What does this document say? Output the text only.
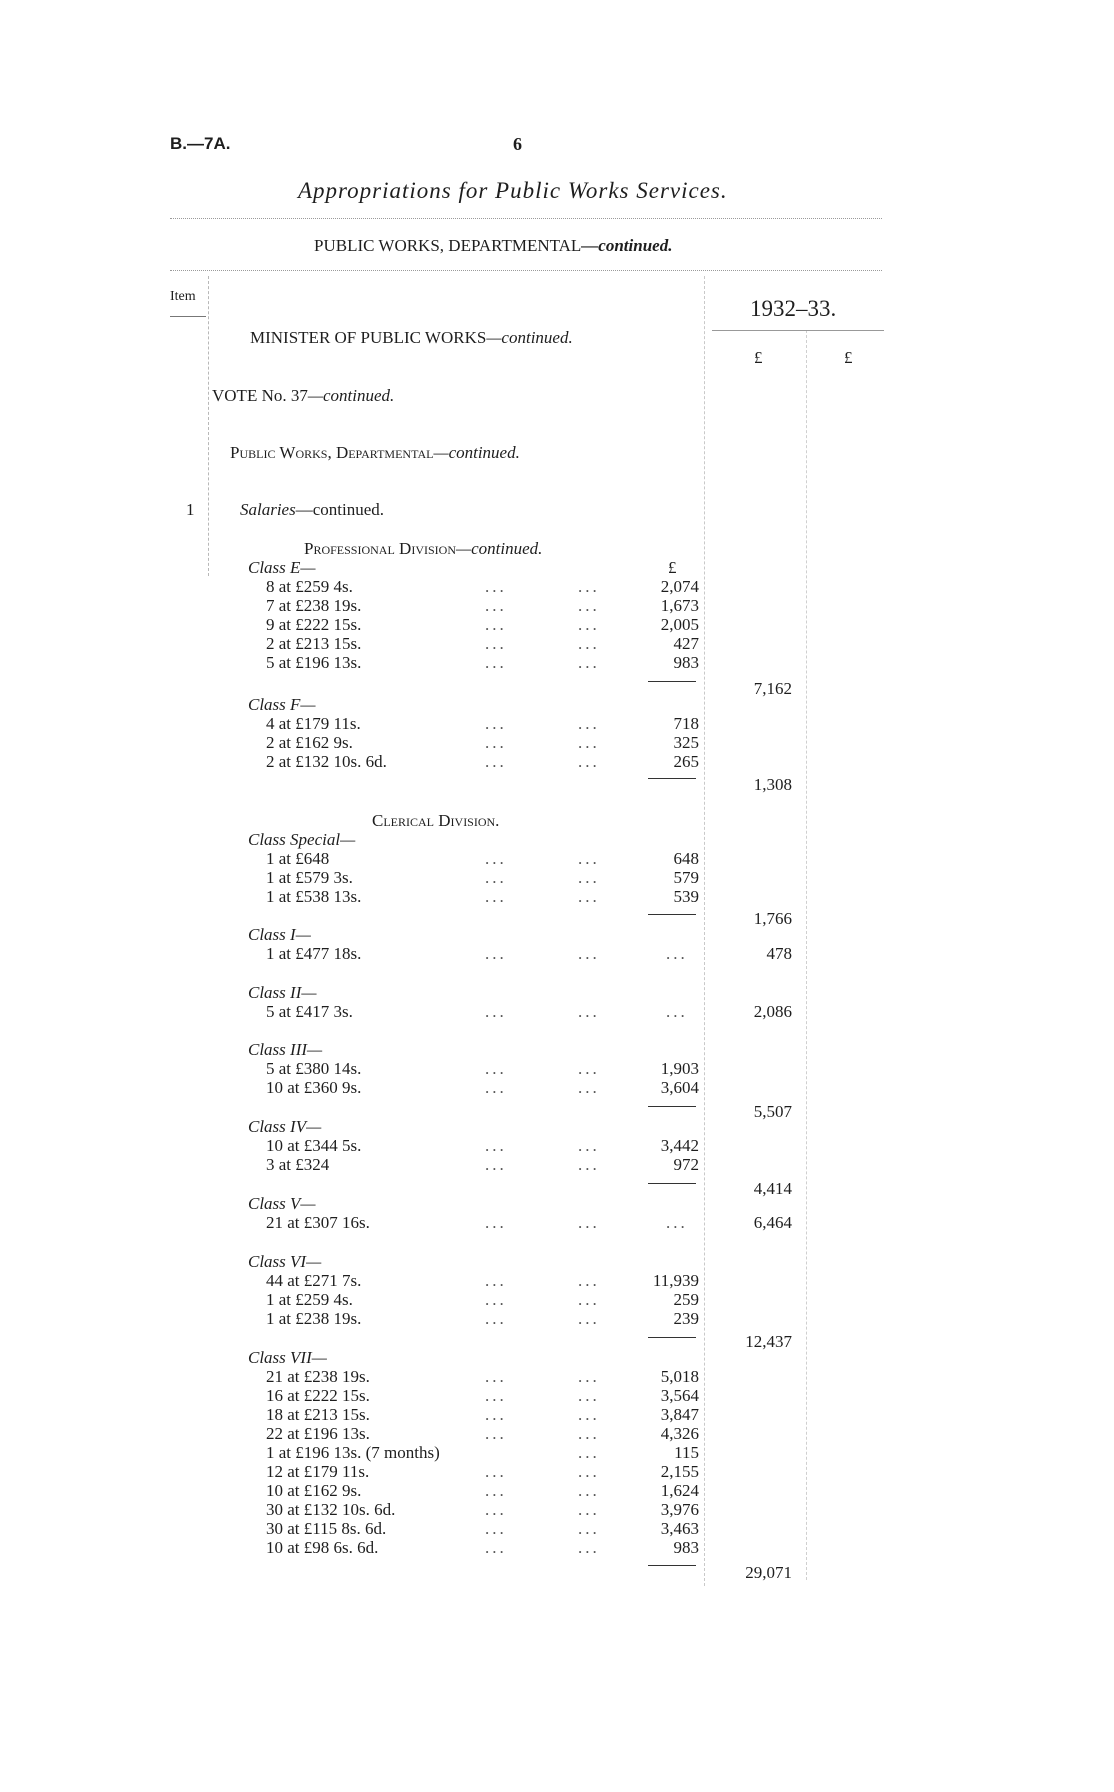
B.—7A.	6
Appropriations for Public Works Services.
PUBLIC WORKS, DEPARTMENTAL—continued.
Item	1932–33.
£	£
MINISTER OF PUBLIC WORKS—continued.
VOTE No. 37—continued.
Public Works, Departmental—continued.
1	Salaries—continued.
Professional Division—continued.
£
Clerical Division.
Class E—
8 at £259 4s.	...	...	2,074
7 at £238 19s.	...	...	1,673
9 at £222 15s.	...	...	2,005
2 at £213 15s.	...	...	427
5 at £196 13s.	...	...	983
7,162
Class F—
4 at £179 11s.	...	...	718
2 at £162 9s.	...	...	325
2 at £132 10s. 6d.	...	...	265
1,308
Class Special—
1 at £648	...	...	648
1 at £579 3s.	...	...	579
1 at £538 13s.	...	...	539
1,766
Class I—
1 at £477 18s.	...	...	...	478
Class II—
5 at £417 3s.	...	...	...	2,086
Class III—
5 at £380 14s.	...	...	1,903
10 at £360 9s.	...	...	3,604
5,507
Class IV—
10 at £344 5s.	...	...	3,442
3 at £324	...	...	972
4,414
Class V—
21 at £307 16s.	...	...	...	6,464
Class VI—
44 at £271 7s.	...	...	11,939
1 at £259 4s.	...	...	259
1 at £238 19s.	...	...	239
12,437
Class VII—
21 at £238 19s.	...	...	5,018
16 at £222 15s.	...	...	3,564
18 at £213 15s.	...	...	3,847
22 at £196 13s.	...	...	4,326
1 at £196 13s. (7 months)	...	115
12 at £179 11s.	...	...	2,155
10 at £162 9s.	...	...	1,624
30 at £132 10s. 6d.	...	...	3,976
30 at £115 8s. 6d.	...	...	3,463
10 at £98 6s. 6d.	...	...	983
29,071
